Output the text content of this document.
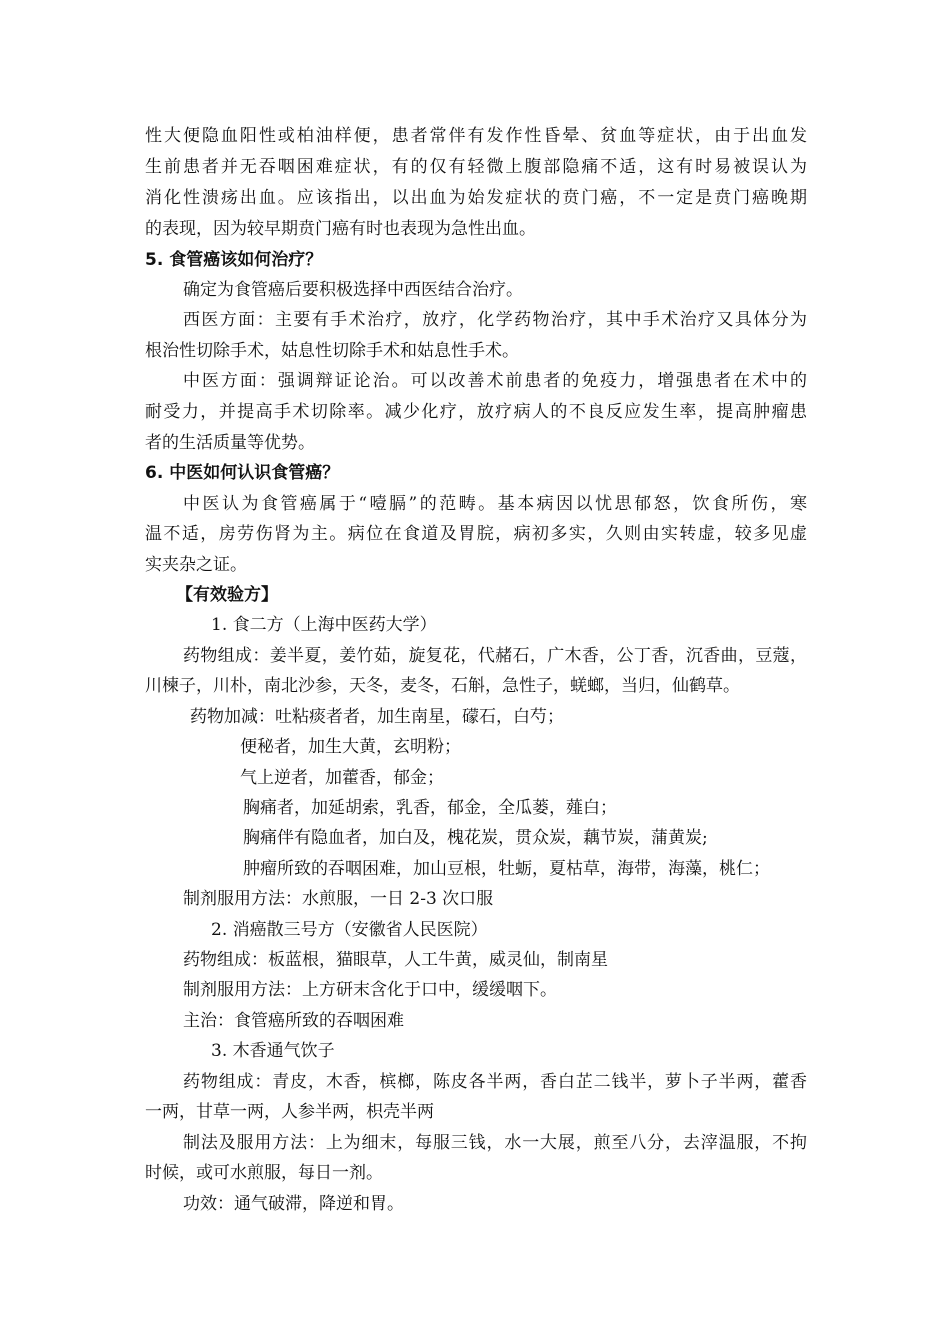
性大便隐血阳性或柏油样便，患者常伴有发作性昏晕、贫血等症状，由于出血发
生前患者并无吞咽困难症状，有的仅有轻微上腹部隐痛不适，这有时易被误认为
消化性溃疡出血。应该指出，以出血为始发症状的贲门癌，不一定是贲门癌晚期
的表现，因为较早期贲门癌有时也表现为急性出血。
5. 食管癌该如何治疗？
确定为食管癌后要积极选择中西医结合治疗。
西医方面：主要有手术治疗，放疗，化学药物治疗，其中手术治疗又具体分为
根治性切除手术，姑息性切除手术和姑息性手术。
中医方面：强调辩证论治。可以改善术前患者的免疫力，增强患者在术中的
耐受力，并提高手术切除率。减少化疗，放疗病人的不良反应发生率，提高肿瘤患
者的生活质量等优势。
6. 中医如何认识食管癌？
中医认为食管癌属于“噎膈”的范畴。基本病因以忧思郁怒，饮食所伤，寒
温不适，房劳伤肾为主。病位在食道及胃脘，病初多实，久则由实转虚，较多见虚
实夹杂之证。
【有效验方】
1. 食二方（上海中医药大学）
药物组成：姜半夏，姜竹茹，旋复花，代赭石，广木香，公丁香，沉香曲，豆蔻，
川楝子，川朴，南北沙参，天冬，麦冬，石斛，急性子，蜣螂，当归，仙鹤草。
药物加减：吐粘痰者者，加生南星，礞石，白芍；
便秘者，加生大黄，玄明粉；
气上逆者，加藿香，郁金；
胸痛者，加延胡索，乳香，郁金，全瓜蒌，薤白；
胸痛伴有隐血者，加白及，槐花炭，贯众炭，藕节炭，蒲黄炭;
肿瘤所致的吞咽困难，加山豆根，牡蛎，夏枯草，海带，海藻，桃仁；
制剂服用方法：水煎服，一日 2-3 次口服
2. 消癌散三号方（安徽省人民医院）
药物组成：板蓝根，猫眼草，人工牛黄，威灵仙，制南星
制剂服用方法：上方研末含化于口中，缓缓咽下。
主治：食管癌所致的吞咽困难
3. 木香通气饮子
药物组成：青皮，木香，槟榔，陈皮各半两，香白芷二钱半，萝卜子半两，藿香
一两，甘草一两，人参半两，枳壳半两
制法及服用方法：上为细末，每服三钱，水一大展，煎至八分，去滓温服，不拘
时候，或可水煎服，每日一剂。
功效：通气破滞，降逆和胃。
